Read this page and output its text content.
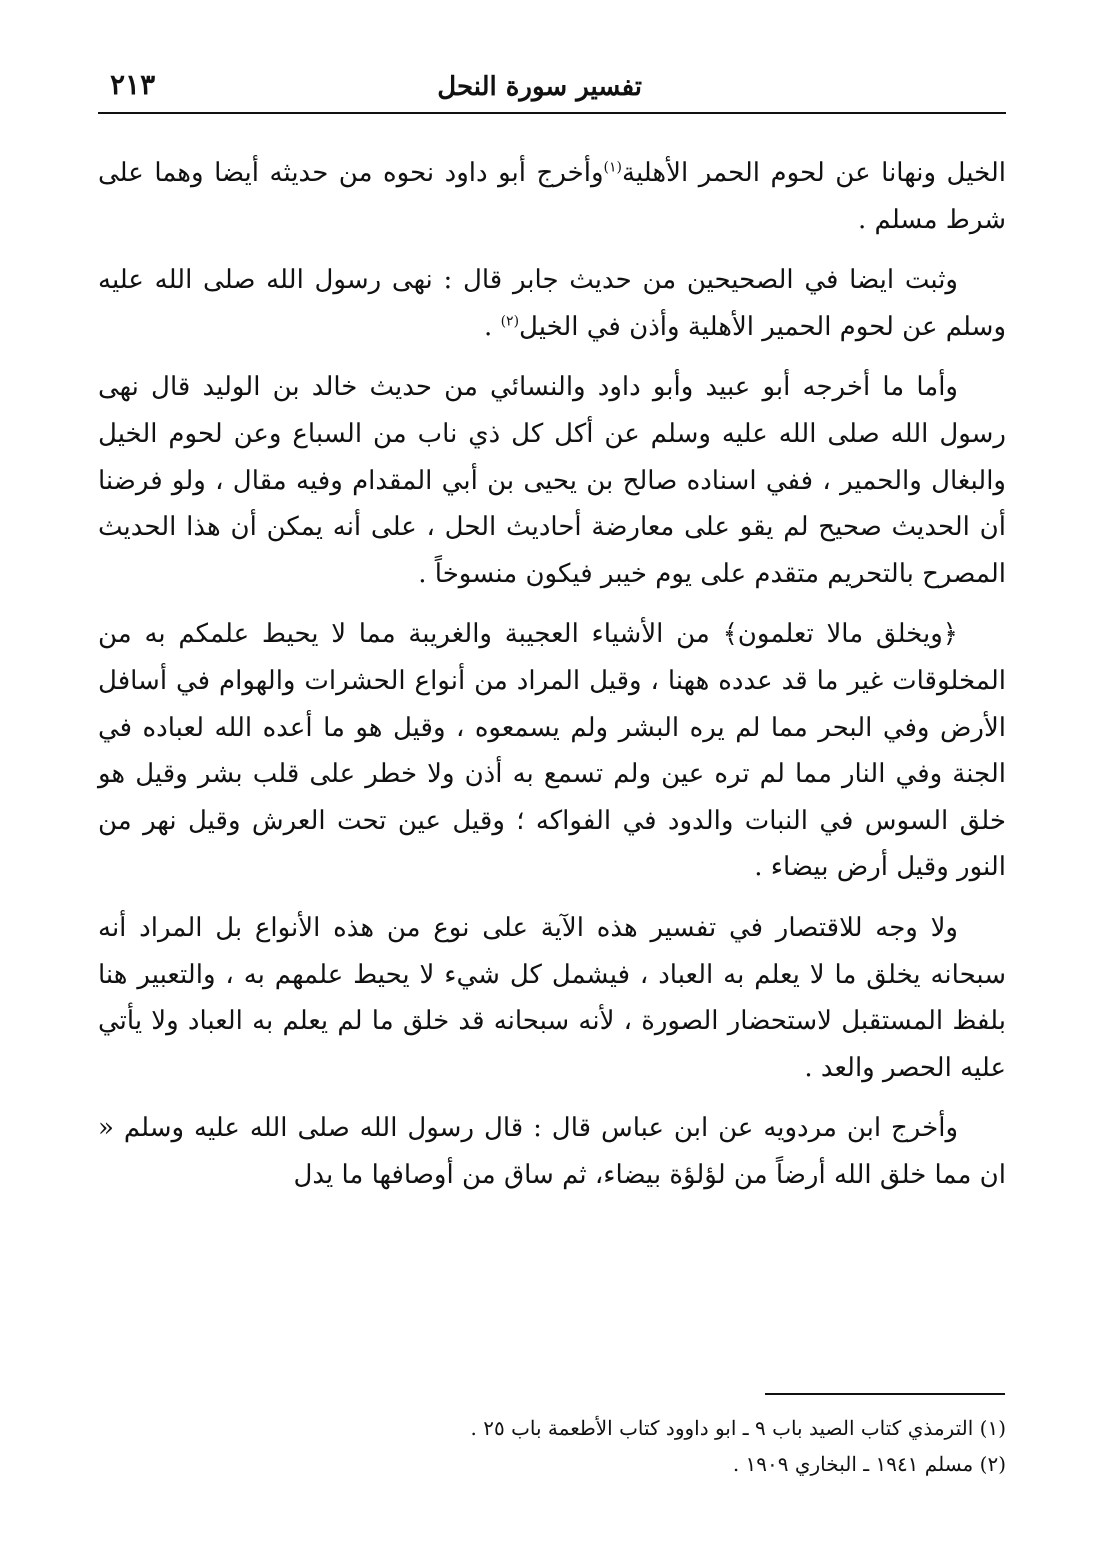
تفسير سورة النحل
٢١٣

الخيل ونهانا عن لحوم الحمر الأهلية$^{(١)}$وأخرج أبو داود نحوه من حديثه أيضا وهما على شرط مسلم .

وثبت ايضا في الصحيحين من حديث جابر قال : نهى رسول الله صلى الله عليه وسلم عن لحوم الحمير الأهلية وأذن في الخيل$^{(٢)}$ .

وأما ما أخرجه أبو عبيد وأبو داود والنسائي من حديث خالد بن الوليد قال نهى رسول الله صلى الله عليه وسلم عن أكل كل ذي ناب من السباع وعن لحوم الخيل والبغال والحمير ، ففي اسناده صالح بن يحيى بن أبي المقدام وفيه مقال ، ولو فرضنا أن الحديث صحيح لم يقو على معارضة أحاديث الحل ، على أنه يمكن أن هذا الحديث المصرح بالتحريم متقدم على يوم خيبر فيكون منسوخاً .

﴿ويخلق مالا تعلمون﴾ من الأشياء العجيبة والغريبة مما لا يحيط علمكم به من المخلوقات غير ما قد عدده ههنا ، وقيل المراد من أنواع الحشرات والهوام في أسافل الأرض وفي البحر مما لم يره البشر ولم يسمعوه ، وقيل هو ما أعده الله لعباده في الجنة وفي النار مما لم تره عين ولم تسمع به أذن ولا خطر على قلب بشر وقيل هو خلق السوس في النبات والدود في الفواكه ؛ وقيل عين تحت العرش وقيل نهر من النور وقيل أرض بيضاء .

ولا وجه للاقتصار في تفسير هذه الآية على نوع من هذه الأنواع بل المراد أنه سبحانه يخلق ما لا يعلم به العباد ، فيشمل كل شيء لا يحيط علمهم به ، والتعبير هنا بلفظ المستقبل لاستحضار الصورة ، لأنه سبحانه قد خلق ما لم يعلم به العباد ولا يأتي عليه الحصر والعد .

وأخرج ابن مردويه عن ابن عباس قال : قال رسول الله صلى الله عليه وسلم « ان مما خلق الله أرضاً من لؤلؤة بيضاء، ثم ساق من أوصافها ما يدل

(١) الترمذي كتاب الصيد باب ٩ ـ ابو داوود كتاب الأطعمة باب ٢٥ .

(٢) مسلم ١٩٤١ ـ البخاري ١٩٠٩ .
